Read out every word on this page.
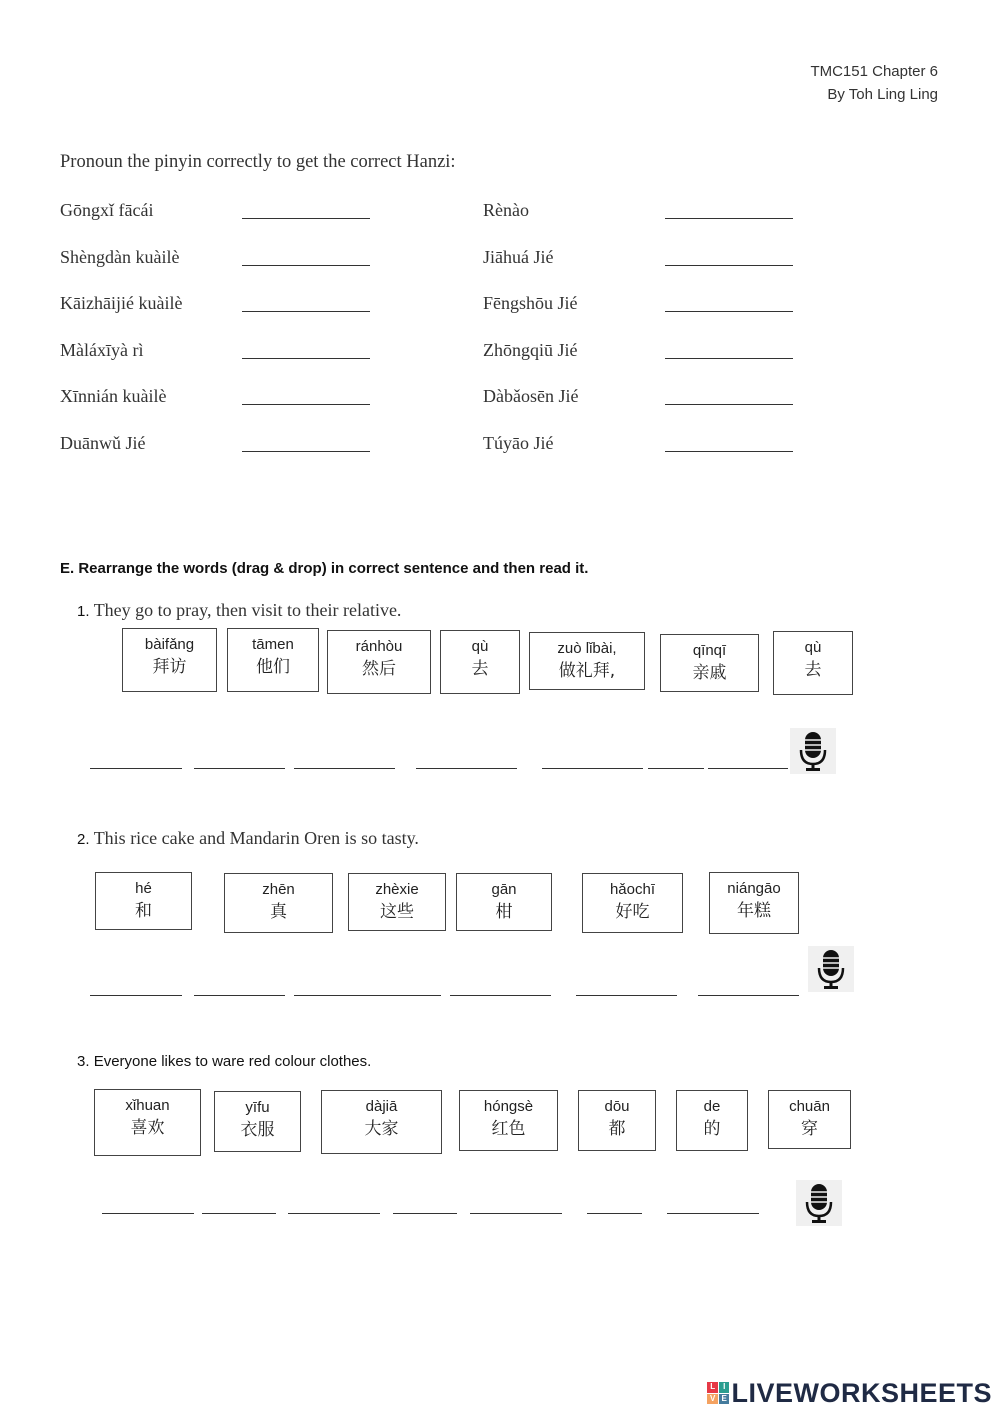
TMC151 Chapter 6
By Toh Ling Ling
Pronoun the pinyin correctly to get the correct Hanzi:
Gōngxǐ fācái
Shèngdàn kuàilè
Kāizhāijié kuàilè
Màláxīyà rì
Xīnnián kuàilè
Duānwǔ Jié
Rènào
Jiāhuá Jié
Fēngshōu Jié
Zhōngqiū Jié
Dàbǎosēn Jié
Túyāo Jié
E. Rearrange the words (drag & drop) in correct sentence and then read it.
1. They go to pray, then visit to their relative.
bàifǎng
拜访
tāmen
他们
ránhòu
然后
qù
去
zuò lǐbài,
做礼拜,
qīnqī
亲戚
qù
去
2. This rice cake and Mandarin Oren is so tasty.
hé
和
zhēn
真
zhèxie
这些
gān
柑
hǎochī
好吃
niángāo
年糕
3. Everyone likes to ware red colour clothes.
xǐhuan
喜欢
yīfu
衣服
dàjiā
大家
hóngsè
红色
dōu
都
de
的
chuān
穿
L I
V E LIVEWORKSHEETS
